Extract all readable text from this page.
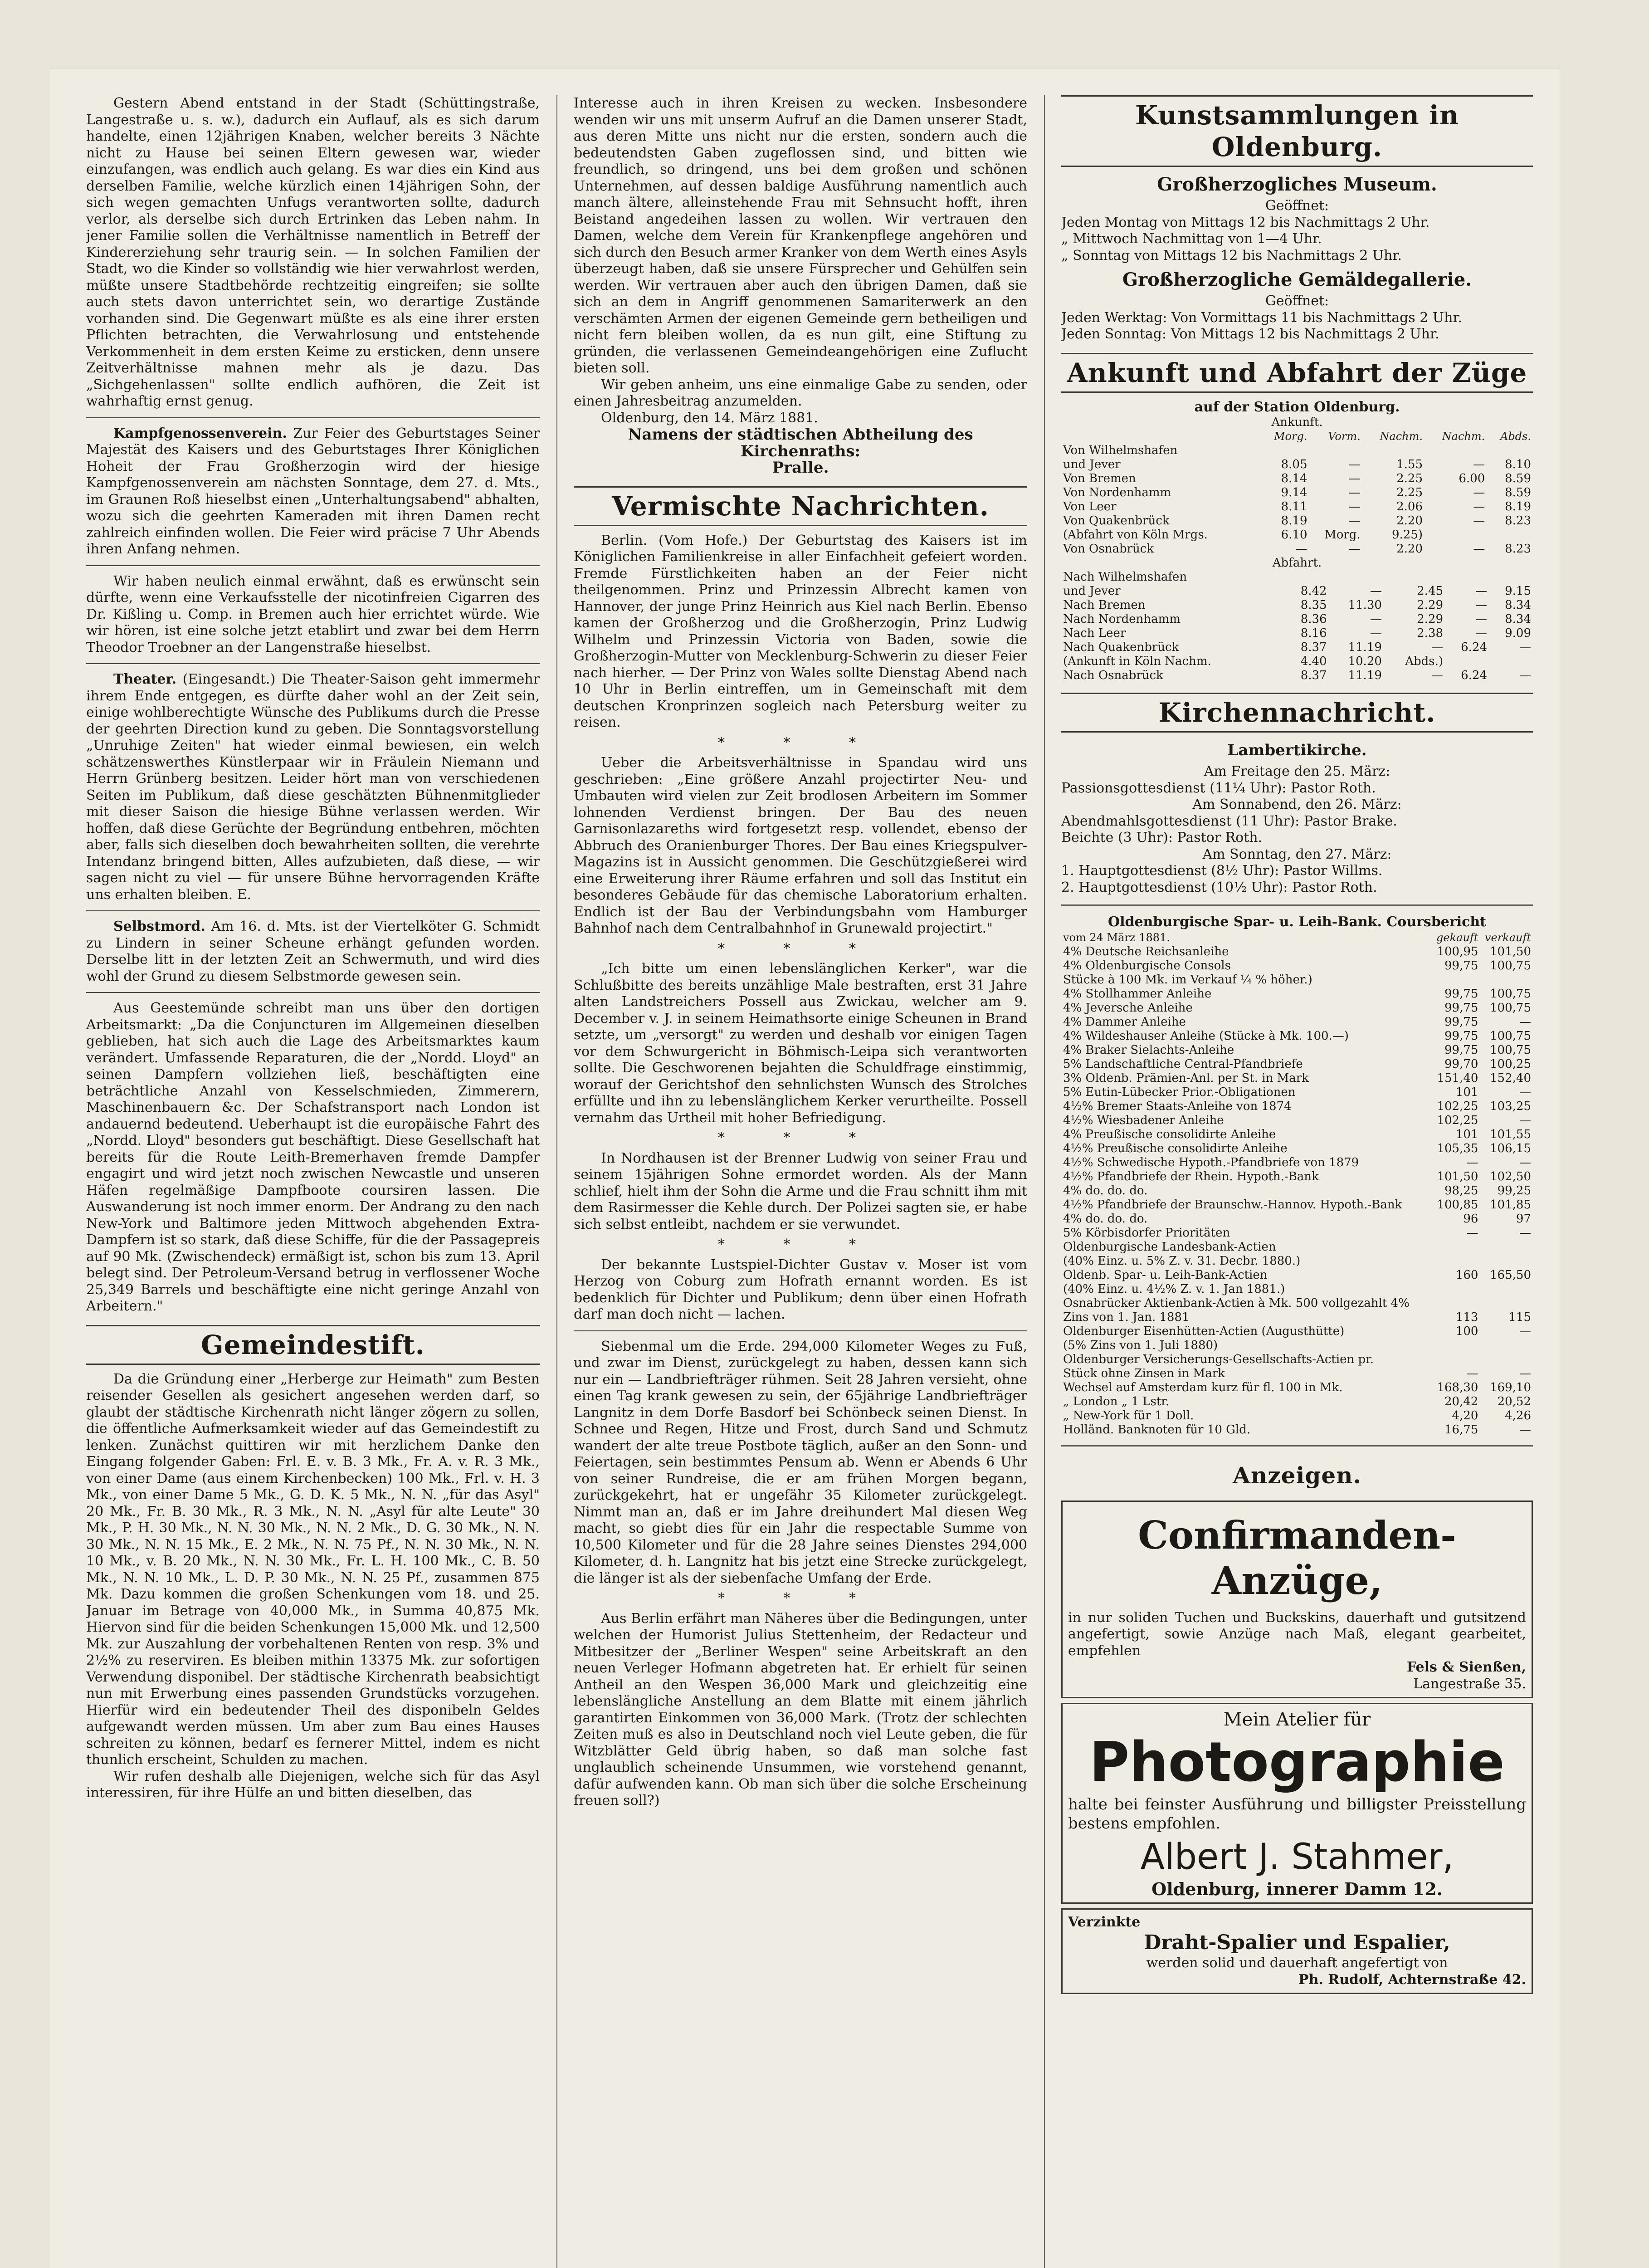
Gestern Abend entstand in der Stadt (Schüttingstraße, Langestraße u. s. w.), dadurch ein Auflauf, als es sich darum handelte, einen 12jährigen Knaben, welcher bereits 3 Nächte nicht zu Hause bei seinen Eltern gewesen war, wieder einzufangen, was endlich auch gelang. Es war dies ein Kind aus derselben Familie, welche kürzlich einen 14jährigen Sohn, der sich wegen gemachten Unfugs verantworten sollte, dadurch verlor, als derselbe sich durch Ertrinken das Leben nahm. In jener Familie sollen die Verhältnisse namentlich in Betreff der Kindererziehung sehr traurig sein. — In solchen Familien der Stadt, wo die Kinder so vollständig wie hier verwahrlost werden, müßte unsere Stadtbehörde rechtzeitig eingreifen; sie sollte auch stets davon unterrichtet sein, wo derartige Zustände vorhanden sind. Die Gegenwart müßte es als eine ihrer ersten Pflichten betrachten, die Verwahrlosung und entstehende Verkommenheit in dem ersten Keime zu ersticken, denn unsere Zeitverhältnisse mahnen mehr als je dazu. Das „Sichgehenlassen" sollte endlich aufhören, die Zeit ist wahrhaftig ernst genug.

Kampfgenossenverein. Zur Feier des Geburtstages Seiner Majestät des Kaisers und des Geburtstages Ihrer Königlichen Hoheit der Frau Großherzogin wird der hiesige Kampfgenossenverein am nächsten Sonntage, dem 27. d. Mts., im Graunen Roß hieselbst einen „Unterhaltungsabend" abhalten, wozu sich die geehrten Kameraden mit ihren Damen recht zahlreich einfinden wollen. Die Feier wird präcise 7 Uhr Abends ihren Anfang nehmen.

Wir haben neulich einmal erwähnt, daß es erwünscht sein dürfte, wenn eine Verkaufsstelle der nicotinfreien Cigarren des Dr. Kißling u. Comp. in Bremen auch hier errichtet würde. Wie wir hören, ist eine solche jetzt etablirt und zwar bei dem Herrn Theodor Troebner an der Langenstraße hieselbst.

Theater. (Eingesandt.) Die Theater-Saison geht immermehr ihrem Ende entgegen, es dürfte daher wohl an der Zeit sein, einige wohlberechtigte Wünsche des Publikums durch die Presse der geehrten Direction kund zu geben. Die Sonntagsvorstellung „Unruhige Zeiten" hat wieder einmal bewiesen, ein welch schätzenswerthes Künstlerpaar wir in Fräulein Niemann und Herrn Grünberg besitzen. Leider hört man von verschiedenen Seiten im Publikum, daß diese geschätzten Bühnenmitglieder mit dieser Saison die hiesige Bühne verlassen werden. Wir hoffen, daß diese Gerüchte der Begründung entbehren, möchten aber, falls sich dieselben doch bewahrheiten sollten, die verehrte Intendanz bringend bitten, Alles aufzubieten, daß diese, — wir sagen nicht zu viel — für unsere Bühne hervorragenden Kräfte uns erhalten bleiben. E.

Selbstmord. Am 16. d. Mts. ist der Viertelköter G. Schmidt zu Lindern in seiner Scheune erhängt gefunden worden. Derselbe litt in der letzten Zeit an Schwermuth, und wird dies wohl der Grund zu diesem Selbstmorde gewesen sein.

Aus Geestemünde schreibt man uns über den dortigen Arbeitsmarkt: „Da die Conjuncturen im Allgemeinen dieselben geblieben, hat sich auch die Lage des Arbeitsmarktes kaum verändert. Umfassende Reparaturen, die der „Nordd. Lloyd" an seinen Dampfern vollziehen ließ, beschäftigten eine beträchtliche Anzahl von Kesselschmieden, Zimmerern, Maschinenbauern &c. Der Schafstransport nach London ist andauernd bedeutend. Ueberhaupt ist die europäische Fahrt des „Nordd. Lloyd" besonders gut beschäftigt. Diese Gesellschaft hat bereits für die Route Leith-Bremerhaven fremde Dampfer engagirt und wird jetzt noch zwischen Newcastle und unseren Häfen regelmäßige Dampfboote coursiren lassen. Die Auswanderung ist noch immer enorm. Der Andrang zu den nach New-York und Baltimore jeden Mittwoch abgehenden Extra-Dampfern ist so stark, daß diese Schiffe, für die der Passagepreis auf 90 Mk. (Zwischendeck) ermäßigt ist, schon bis zum 13. April belegt sind. Der Petroleum-Versand betrug in verflossener Woche 25,349 Barrels und beschäftigte eine nicht geringe Anzahl von Arbeitern."

Gemeindestift.

Da die Gründung einer „Herberge zur Heimath" zum Besten reisender Gesellen als gesichert angesehen werden darf, so glaubt der städtische Kirchenrath nicht länger zögern zu sollen, die öffentliche Aufmerksamkeit wieder auf das Gemeindestift zu lenken. Zunächst quittiren wir mit herzlichem Danke den Eingang folgender Gaben: Frl. E. v. B. 3 Mk., Fr. A. v. R. 3 Mk., von einer Dame (aus einem Kirchenbecken) 100 Mk., Frl. v. H. 3 Mk., von einer Dame 5 Mk., G. D. K. 5 Mk., N. N. „für das Asyl" 20 Mk., Fr. B. 30 Mk., R. 3 Mk., N. N. „Asyl für alte Leute" 30 Mk., P. H. 30 Mk., N. N. 30 Mk., N. N. 2 Mk., D. G. 30 Mk., N. N. 30 Mk., N. N. 15 Mk., E. 2 Mk., N. N. 75 Pf., N. N. 30 Mk., N. N. 10 Mk., v. B. 20 Mk., N. N. 30 Mk., Fr. L. H. 100 Mk., C. B. 50 Mk., N. N. 10 Mk., L. D. P. 30 Mk., N. N. 25 Pf., zusammen 875 Mk. Dazu kommen die großen Schenkungen vom 18. und 25. Januar im Betrage von 40,000 Mk., in Summa 40,875 Mk. Hiervon sind für die beiden Schenkungen 15,000 Mk. und 12,500 Mk. zur Auszahlung der vorbehaltenen Renten von resp. 3% und 2½% zu reserviren. Es bleiben mithin 13375 Mk. zur sofortigen Verwendung disponibel. Der städtische Kirchenrath beabsichtigt nun mit Erwerbung eines passenden Grundstücks vorzugehen. Hierfür wird ein bedeutender Theil des disponibeln Geldes aufgewandt werden müssen. Um aber zum Bau eines Hauses schreiten zu können, bedarf es fernerer Mittel, indem es nicht thunlich erscheint, Schulden zu machen.

Wir rufen deshalb alle Diejenigen, welche sich für das Asyl interessiren, für ihre Hülfe an und bitten dieselben, das

Interesse auch in ihren Kreisen zu wecken. Insbesondere wenden wir uns mit unserm Aufruf an die Damen unserer Stadt, aus deren Mitte uns nicht nur die ersten, sondern auch die bedeutendsten Gaben zugeflossen sind, und bitten wie freundlich, so dringend, uns bei dem großen und schönen Unternehmen, auf dessen baldige Ausführung namentlich auch manch ältere, alleinstehende Frau mit Sehnsucht hofft, ihren Beistand angedeihen lassen zu wollen. Wir vertrauen den Damen, welche dem Verein für Krankenpflege angehören und sich durch den Besuch armer Kranker von dem Werth eines Asyls überzeugt haben, daß sie unsere Fürsprecher und Gehülfen sein werden. Wir vertrauen aber auch den übrigen Damen, daß sie sich an dem in Angriff genommenen Samariterwerk an den verschämten Armen der eigenen Gemeinde gern betheiligen und nicht fern bleiben wollen, da es nun gilt, eine Stiftung zu gründen, die verlassenen Gemeindeangehörigen eine Zuflucht bieten soll.

Wir geben anheim, uns eine einmalige Gabe zu senden, oder einen Jahresbeitrag anzumelden.

Oldenburg, den 14. März 1881.

Namens der städtischen Abtheilung des Kirchenraths:

Pralle.

Vermischte Nachrichten.

Berlin. (Vom Hofe.) Der Geburtstag des Kaisers ist im Königlichen Familienkreise in aller Einfachheit gefeiert worden. Fremde Fürstlichkeiten haben an der Feier nicht theilgenommen. Prinz und Prinzessin Albrecht kamen von Hannover, der junge Prinz Heinrich aus Kiel nach Berlin. Ebenso kamen der Großherzog und die Großherzogin, Prinz Ludwig Wilhelm und Prinzessin Victoria von Baden, sowie die Großherzogin-Mutter von Mecklenburg-Schwerin zu dieser Feier nach hierher. — Der Prinz von Wales sollte Dienstag Abend nach 10 Uhr in Berlin eintreffen, um in Gemeinschaft mit dem deutschen Kronprinzen sogleich nach Petersburg weiter zu reisen.

* * *

Ueber die Arbeitsverhältnisse in Spandau wird uns geschrieben: „Eine größere Anzahl projectirter Neu- und Umbauten wird vielen zur Zeit brodlosen Arbeitern im Sommer lohnenden Verdienst bringen. Der Bau des neuen Garnisonlazareths wird fortgesetzt resp. vollendet, ebenso der Abbruch des Oranienburger Thores. Der Bau eines Kriegspulver-Magazins ist in Aussicht genommen. Die Geschützgießerei wird eine Erweiterung ihrer Räume erfahren und soll das Institut ein besonderes Gebäude für das chemische Laboratorium erhalten. Endlich ist der Bau der Verbindungsbahn vom Hamburger Bahnhof nach dem Centralbahnhof in Grunewald projectirt."

* * *

„Ich bitte um einen lebenslänglichen Kerker", war die Schlußbitte des bereits unzählige Male bestraften, erst 31 Jahre alten Landstreichers Possell aus Zwickau, welcher am 9. December v. J. in seinem Heimathsorte einige Scheunen in Brand setzte, um „versorgt" zu werden und deshalb vor einigen Tagen vor dem Schwurgericht in Böhmisch-Leipa sich verantworten sollte. Die Geschworenen bejahten die Schuldfrage einstimmig, worauf der Gerichtshof den sehnlichsten Wunsch des Strolches erfüllte und ihn zu lebenslänglichem Kerker verurtheilte. Possell vernahm das Urtheil mit hoher Befriedigung.

* * *

In Nordhausen ist der Brenner Ludwig von seiner Frau und seinem 15jährigen Sohne ermordet worden. Als der Mann schlief, hielt ihm der Sohn die Arme und die Frau schnitt ihm mit dem Rasirmesser die Kehle durch. Der Polizei sagten sie, er habe sich selbst entleibt, nachdem er sie verwundet.

* * *

Der bekannte Lustspiel-Dichter Gustav v. Moser ist vom Herzog von Coburg zum Hofrath ernannt worden. Es ist bedenklich für Dichter und Publikum; denn über einen Hofrath darf man doch nicht — lachen.

Siebenmal um die Erde. 294,000 Kilometer Weges zu Fuß, und zwar im Dienst, zurückgelegt zu haben, dessen kann sich nur ein — Landbriefträger rühmen. Seit 28 Jahren versieht, ohne einen Tag krank gewesen zu sein, der 65jährige Landbriefträger Langnitz in dem Dorfe Basdorf bei Schönbeck seinen Dienst. In Schnee und Regen, Hitze und Frost, durch Sand und Schmutz wandert der alte treue Postbote täglich, außer an den Sonn- und Feiertagen, sein bestimmtes Pensum ab. Wenn er Abends 6 Uhr von seiner Rundreise, die er am frühen Morgen begann, zurückgekehrt, hat er ungefähr 35 Kilometer zurückgelegt. Nimmt man an, daß er im Jahre dreihundert Mal diesen Weg macht, so giebt dies für ein Jahr die respectable Summe von 10,500 Kilometer und für die 28 Jahre seines Dienstes 294,000 Kilometer, d. h. Langnitz hat bis jetzt eine Strecke zurückgelegt, die länger ist als der siebenfache Umfang der Erde.

* * *

Aus Berlin erfährt man Näheres über die Bedingungen, unter welchen der Humorist Julius Stettenheim, der Redacteur und Mitbesitzer der „Berliner Wespen" seine Arbeitskraft an den neuen Verleger Hofmann abgetreten hat. Er erhielt für seinen Antheil an den Wespen 36,000 Mark und gleichzeitig eine lebenslängliche Anstellung an dem Blatte mit einem jährlich garantirten Einkommen von 36,000 Mark. (Trotz der schlechten Zeiten muß es also in Deutschland noch viel Leute geben, die für Witzblätter Geld übrig haben, so daß man solche fast unglaublich scheinende Unsummen, wie vorstehend genannt, dafür aufwenden kann. Ob man sich über die solche Erscheinung freuen soll?)

Kunstsammlungen in Oldenburg.
Großherzogliches Museum.

Geöffnet:

Jeden Montag von Mittags 12 bis Nachmittags 2 Uhr.

„ Mittwoch Nachmittag von 1—4 Uhr.

„ Sonntag von Mittags 12 bis Nachmittags 2 Uhr.

Großherzogliche Gemäldegallerie.

Geöffnet:

Jeden Werktag: Von Vormittags 11 bis Nachmittags 2 Uhr.

Jeden Sonntag: Von Mittags 12 bis Nachmittags 2 Uhr.

Ankunft und Abfahrt der Züge

auf der Station Oldenburg.

Ankunft.

	Morg.	Vorm.	Nachm.	Nachm.	Abds.
Von Wilhelmshafen					
und Jever	8.05	—	1.55	—	8.10
Von Bremen	8.14	—	2.25	6.00	8.59
Von Nordenhamm	9.14	—	2.25	—	8.59
Von Leer	8.11	—	2.06	—	8.19
Von Quakenbrück	8.19	—	2.20	—	8.23
(Abfahrt von Köln Mrgs.	6.10	Morg.	9.25)		
Von Osnabrück	—	—	2.20	—	8.23

Abfahrt.

Nach Wilhelmshafen					
und Jever	8.42	—	2.45	—	9.15
Nach Bremen	8.35	11.30	2.29	—	8.34
Nach Nordenhamm	8.36	—	2.29	—	8.34
Nach Leer	8.16	—	2.38	—	9.09
Nach Quakenbrück	8.37	11.19	—	6.24	—
(Ankunft in Köln Nachm.	4.40	10.20	Abds.)		
Nach Osnabrück	8.37	11.19	—	6.24	—
Kirchennachricht.
Lambertikirche.

Am Freitage den 25. März:

Passionsgottesdienst (11¼ Uhr): Pastor Roth.

Am Sonnabend, den 26. März:

Abendmahlsgottesdienst (11 Uhr): Pastor Brake.

Beichte (3 Uhr): Pastor Roth.

Am Sonntag, den 27. März:

1. Hauptgottesdienst (8½ Uhr): Pastor Willms.

2. Hauptgottesdienst (10½ Uhr): Pastor Roth.

Oldenburgische Spar- u. Leih-Bank. Coursbericht

vom 24 März 1881.	gekauft	verkauft
4% Deutsche Reichsanleihe	100,95	101,50
4% Oldenburgische Consols	99,75	100,75
Stücke à 100 Mk. im Verkauf ¼ % höher.)		
4% Stollhammer Anleihe	99,75	100,75
4% Jeversche Anleihe	99,75	100,75
4% Dammer Anleihe	99,75	—
4% Wildeshauser Anleihe (Stücke à Mk. 100.—)	99,75	100,75
4% Braker Sielachts-Anleihe	99,75	100,75
5% Landschaftliche Central-Pfandbriefe	99,70	100,25
3% Oldenb. Prämien-Anl. per St. in Mark	151,40	152,40
5% Eutin-Lübecker Prior.-Obligationen	101	—
4½% Bremer Staats-Anleihe von 1874	102,25	103,25
4½% Wiesbadener Anleihe	102,25	—
4% Preußische consolidirte Anleihe	101	101,55
4½% Preußische consolidirte Anleihe	105,35	106,15
4½% Schwedische Hypoth.-Pfandbriefe von 1879	—	—
4½% Pfandbriefe der Rhein. Hypoth.-Bank	101,50	102,50
4% do. do. do.	98,25	99,25
4½% Pfandbriefe der Braunschw.-Hannov. Hypoth.-Bank	100,85	101,85
4% do. do. do.	96	97
5% Körbisdorfer Prioritäten	—	—
Oldenburgische Landesbank-Actien		
(40% Einz. u. 5% Z. v. 31. Decbr. 1880.)		
Oldenb. Spar- u. Leih-Bank-Actien	160	165,50
(40% Einz. u. 4½% Z. v. 1. Jan 1881.)		
Osnabrücker Aktienbank-Actien à Mk. 500 vollgezahlt 4%		
Zins von 1. Jan. 1881	113	115
Oldenburger Eisenhütten-Actien (Augusthütte)	100	—
(5% Zins von 1. Juli 1880)		
Oldenburger Versicherungs-Gesellschafts-Actien pr.		
Stück ohne Zinsen in Mark	—	—
Wechsel auf Amsterdam kurz für fl. 100 in Mk.	168,30	169,10
„ London „ 1 Lstr.	20,42	20,52
„ New-York für 1 Doll.	4,20	4,26
Holländ. Banknoten für 10 Gld.	16,75	—
Anzeigen.
Confirmanden-Anzüge,

in nur soliden Tuchen und Buckskins, dauerhaft und gutsitzend angefertigt, sowie Anzüge nach Maß, elegant gearbeitet, empfehlen

Fels & Sienßen,

Langestraße 35.

Mein Atelier für

Photographie

halte bei feinster Ausführung und billigster Preisstellung bestens empfohlen.

Albert J. Stahmer,

Oldenburg, innerer Damm 12.

Verzinkte

Draht-Spalier und Espalier,

werden solid und dauerhaft angefertigt von

Ph. Rudolf, Achternstraße 42.
